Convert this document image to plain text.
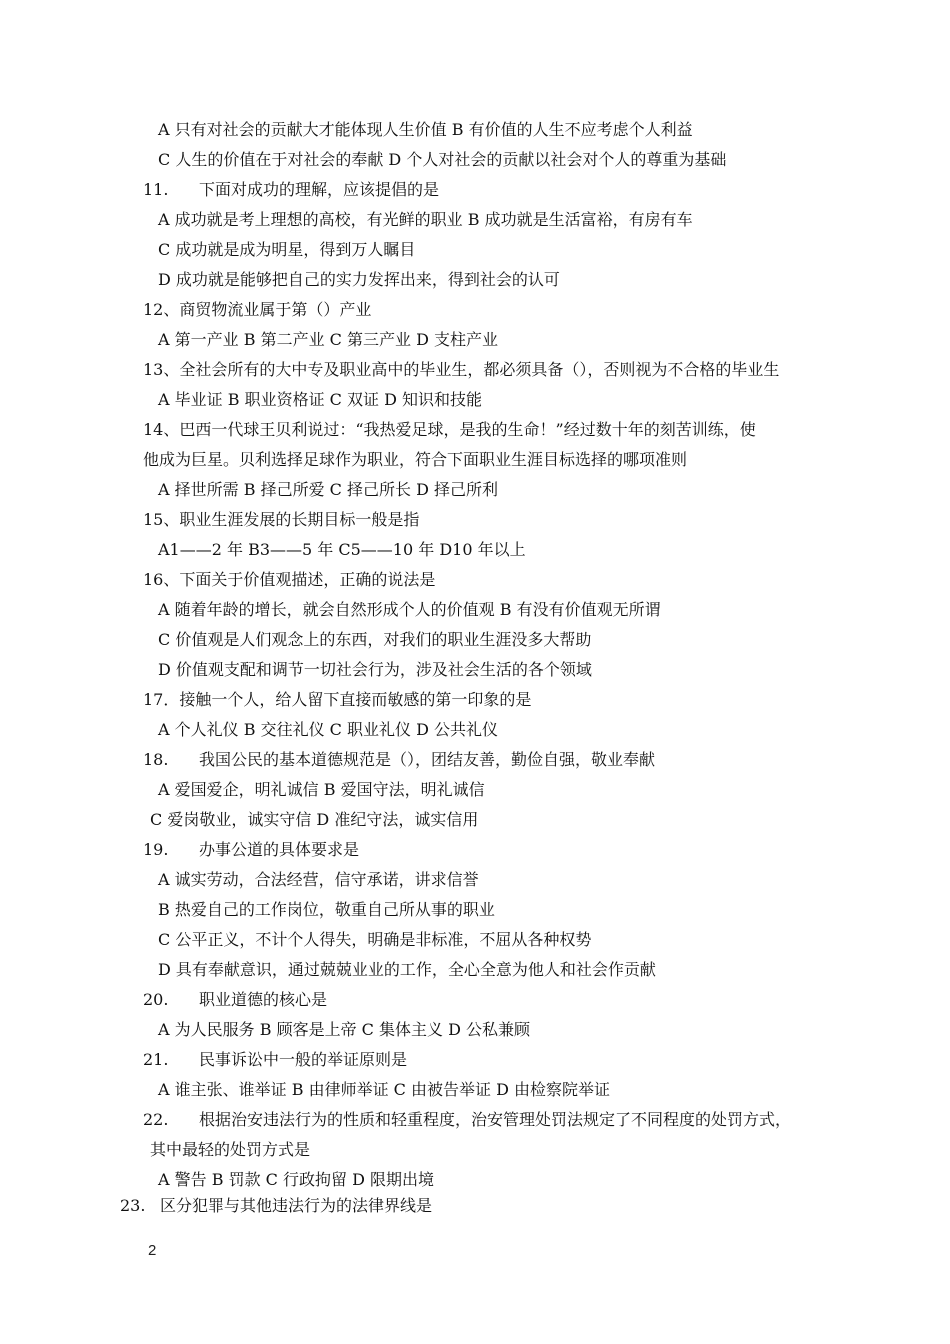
A 只有对社会的贡献大才能体现人生价值 B 有价值的人生不应考虑个人利益
C 人生的价值在于对社会的奉献 D 个人对社会的贡献以社会对个人的尊重为基础
11. 下面对成功的理解，应该提倡的是
A 成功就是考上理想的高校，有光鲜的职业 B 成功就是生活富裕，有房有车
C 成功就是成为明星，得到万人瞩目
D 成功就是能够把自己的实力发挥出来，得到社会的认可
12、商贸物流业属于第（）产业
A 第一产业 B 第二产业 C 第三产业 D 支柱产业
13、全社会所有的大中专及职业高中的毕业生，都必须具备（），否则视为不合格的毕业生
A 毕业证 B 职业资格证 C 双证 D 知识和技能
14、巴西一代球王贝利说过：“我热爱足球，是我的生命！”经过数十年的刻苦训练，使
他成为巨星。贝利选择足球作为职业，符合下面职业生涯目标选择的哪项准则
A 择世所需 B 择己所爱 C 择己所长 D 择己所利
15、职业生涯发展的长期目标一般是指
A1——2 年 B3——5 年 C5——10 年 D10 年以上
16、下面关于价值观描述，正确的说法是
A 随着年龄的增长，就会自然形成个人的价值观 B 有没有价值观无所谓
C 价值观是人们观念上的东西，对我们的职业生涯没多大帮助
D 价值观支配和调节一切社会行为，涉及社会生活的各个领域
17．接触一个人，给人留下直接而敏感的第一印象的是
A 个人礼仪 B 交往礼仪 C 职业礼仪 D 公共礼仪
18. 我国公民的基本道德规范是（），团结友善，勤俭自强，敬业奉献
A 爱国爱企，明礼诚信 B 爱国守法，明礼诚信
C 爱岗敬业，诚实守信 D 准纪守法，诚实信用
19. 办事公道的具体要求是
A 诚实劳动，合法经营，信守承诺，讲求信誉
B 热爱自己的工作岗位，敬重自己所从事的职业
C 公平正义，不计个人得失，明确是非标准，不屈从各种权势
D 具有奉献意识，通过兢兢业业的工作，全心全意为他人和社会作贡献
20. 职业道德的核心是
A 为人民服务 B 顾客是上帝 C 集体主义 D 公私兼顾
21. 民事诉讼中一般的举证原则是
A 谁主张、谁举证 B 由律师举证 C 由被告举证 D 由检察院举证
22. 根据治安违法行为的性质和轻重程度，治安管理处罚法规定了不同程度的处罚方式，
其中最轻的处罚方式是
A 警告 B 罚款 C 行政拘留 D 限期出境
23. 区分犯罪与其他违法行为的法律界线是
2
